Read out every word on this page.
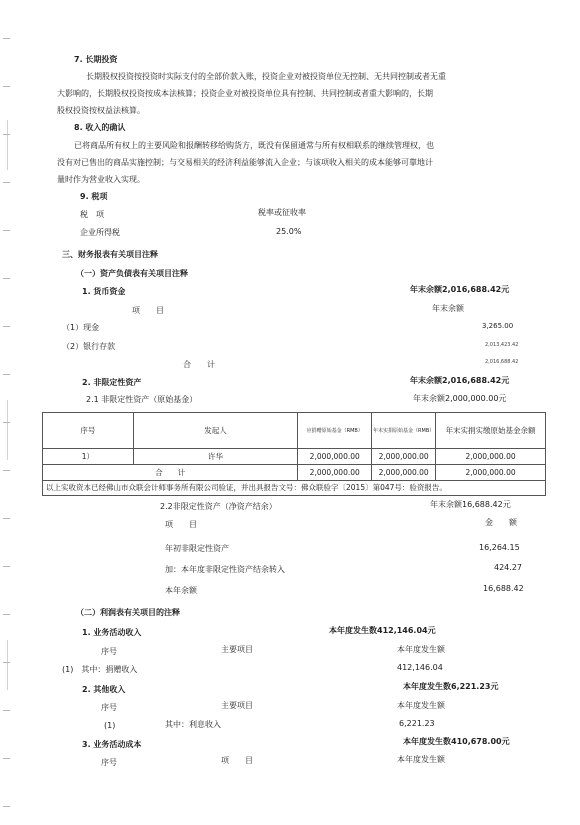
7. 长期投资
长期股权投资按投资时实际支付的全部价款入账，投资企业对被投资单位无控制、无共同控制或者无重
大影响的，长期股权投资按成本法核算；投资企业对被投资单位具有控制、共同控制或者重大影响的，长期
股权投资按权益法核算。
8. 收入的确认
已将商品所有权上的主要风险和报酬转移给购货方，既没有保留通常与所有权相联系的继续管理权，也
没有对已售出的商品实施控制；与交易相关的经济利益能够流入企业；与该项收入相关的成本能够可靠地计
量时作为营业收入实现。
9. 税项
税　项	税率或征收率
企业所得税	25.0%
三、财务报表有关项目注释
（一）资产负债表有关项目注释
1. 货币资金	年末余额2,016,688.42元
项　　目	年末余额
（1）现金	3,265.00
（2）银行存款	2,013,423.42
合　　计	2,016,688.42
2. 非限定性资产	年末余额2,016,688.42元
2.1 非限定性资产（原始基金）	年末余额2,000,000.00元
序号	发起人	应捐赠原始基金（RMB）	年末实捐原始基金（RMB）	年末实捐实缴原始基金余额
1）	许华	2,000,000.00	2,000,000.00	2,000,000.00
合　　计		2,000,000.00	2,000,000.00	2,000,000.00
以上实收资本已经佛山市众联会计师事务所有限公司验证，并出具报告文号：佛众联验字〔2015〕第047号：验资报告。
2.2非限定性资产（净资产结余）	年末余额16,688.42元
项　　目	金　　额
年初非限定性资产	16,264.15
加：本年度非限定性资产结余转入	424.27
本年余额	16,688.42
（二）利润表有关项目的注释
1. 业务活动收入	本年度发生数412,146.04元
序号	主要项目	本年度发生额
(1)　其中：捐赠收入	412,146.04
2. 其他收入	本年度发生数6,221.23元
序号	主要项目	本年度发生额
(1)	其中：利息收入	6,221.23
3. 业务活动成本	本年度发生数410,678.00元
序号	项　　目	本年度发生额
